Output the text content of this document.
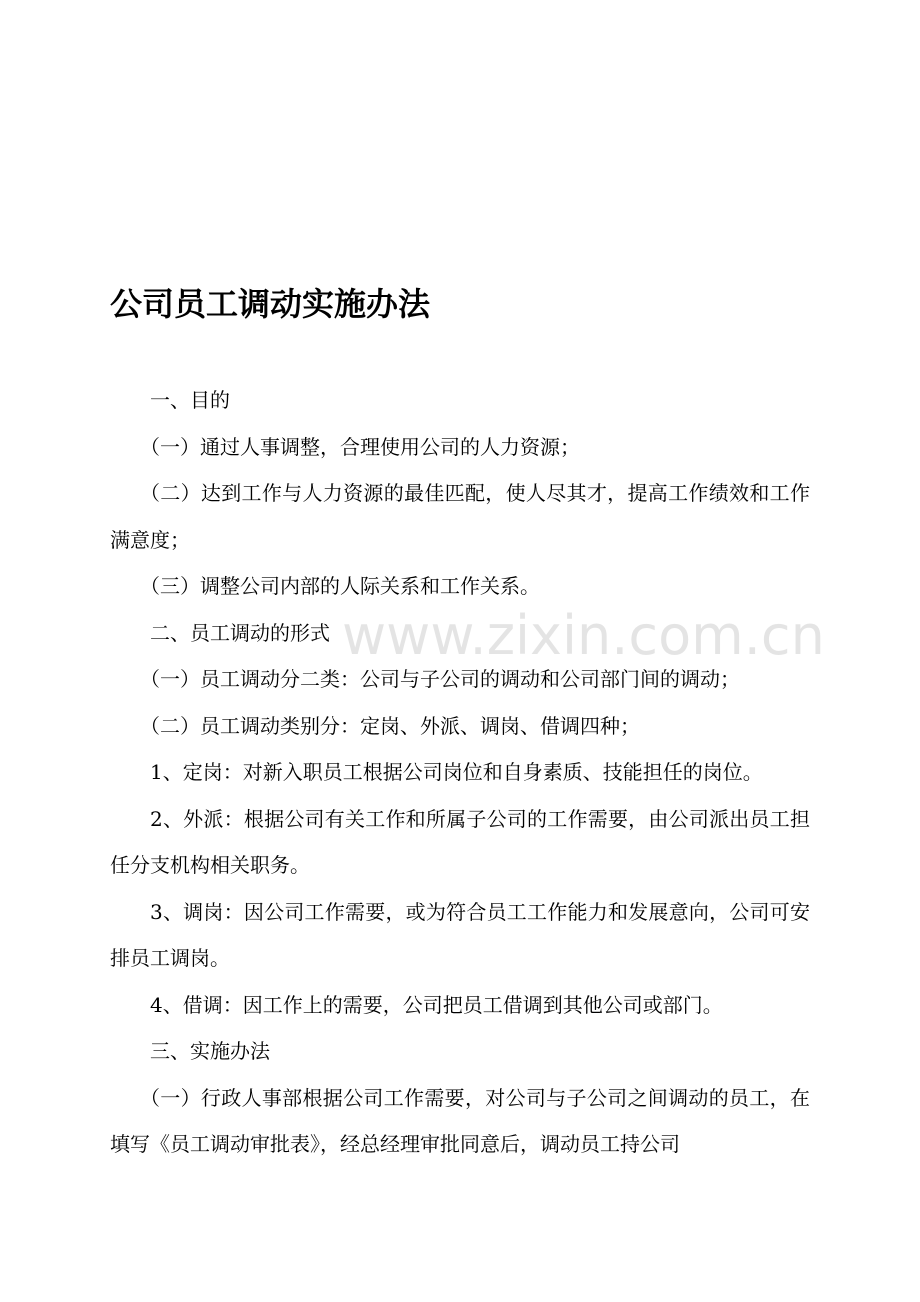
公司员工调动实施办法

一、目的

（一）通过人事调整，合理使用公司的人力资源；

（二）达到工作与人力资源的最佳匹配，使人尽其才，提高工作绩效和工作满意度；

（三）调整公司内部的人际关系和工作关系。

二、员工调动的形式

（一）员工调动分二类：公司与子公司的调动和公司部门间的调动；

（二）员工调动类别分：定岗、外派、调岗、借调四种；

1、定岗：对新入职员工根据公司岗位和自身素质、技能担任的岗位。

2、外派：根据公司有关工作和所属子公司的工作需要，由公司派出员工担任分支机构相关职务。

3、调岗：因公司工作需要，或为符合员工工作能力和发展意向，公司可安排员工调岗。

4、借调：因工作上的需要，公司把员工借调到其他公司或部门。

三、实施办法

（一）行政人事部根据公司工作需要，对公司与子公司之间调动的员工，在填写《员工调动审批表》，经总经理审批同意后，调动员工持公司

www.zixin.com.cn
